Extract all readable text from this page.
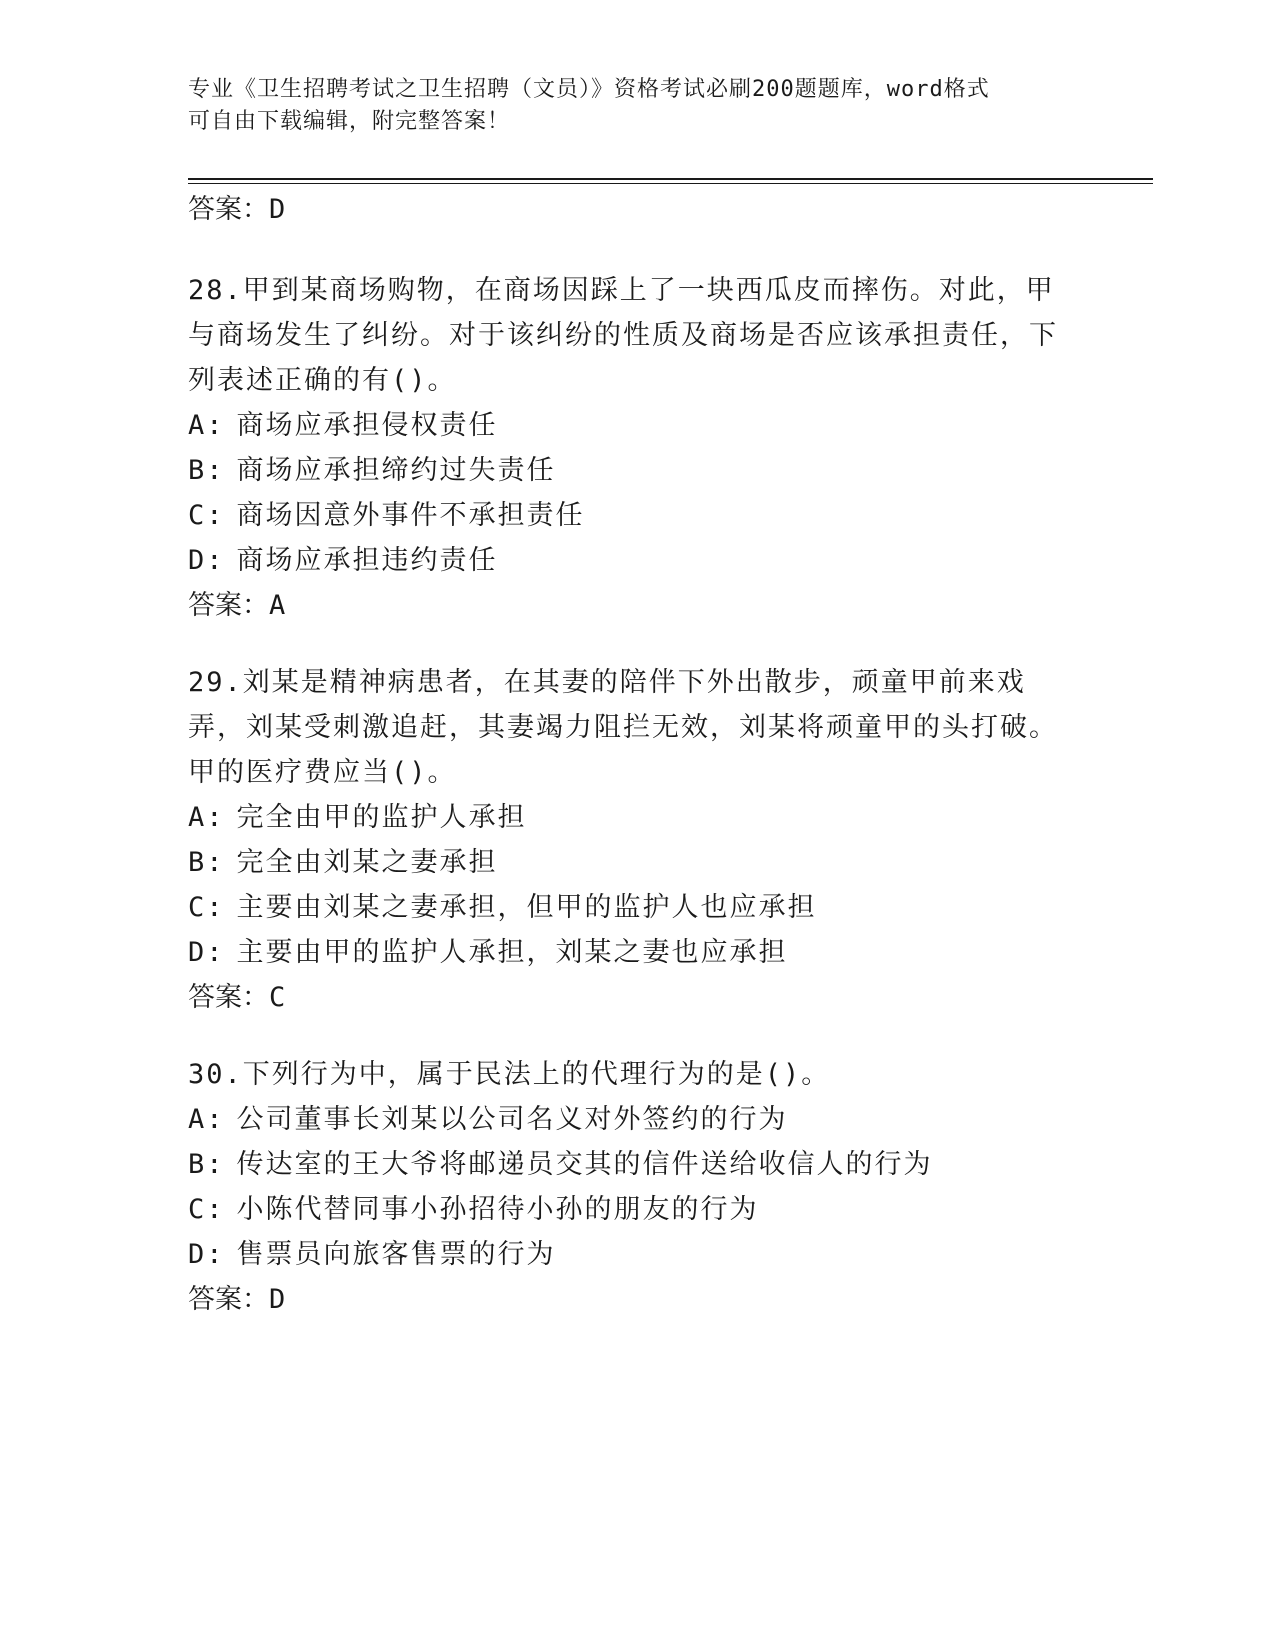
专业《卫生招聘考试之卫生招聘（文员）》资格考试必刷200题题库，word格式
可自由下载编辑，附完整答案！
答案：D
28.甲到某商场购物，在商场因踩上了一块西瓜皮而摔伤。对此，甲与商场发生了纠纷。对于该纠纷的性质及商场是否应该承担责任，下列表述正确的有()。
A: 商场应承担侵权责任
B: 商场应承担缔约过失责任
C: 商场因意外事件不承担责任
D: 商场应承担违约责任
答案：A
29.刘某是精神病患者，在其妻的陪伴下外出散步，顽童甲前来戏弄，刘某受刺激追赶，其妻竭力阻拦无效，刘某将顽童甲的头打破。甲的医疗费应当()。
A: 完全由甲的监护人承担
B: 完全由刘某之妻承担
C: 主要由刘某之妻承担，但甲的监护人也应承担
D: 主要由甲的监护人承担，刘某之妻也应承担
答案：C
30.下列行为中，属于民法上的代理行为的是()。
A: 公司董事长刘某以公司名义对外签约的行为
B: 传达室的王大爷将邮递员交其的信件送给收信人的行为
C: 小陈代替同事小孙招待小孙的朋友的行为
D: 售票员向旅客售票的行为
答案：D
